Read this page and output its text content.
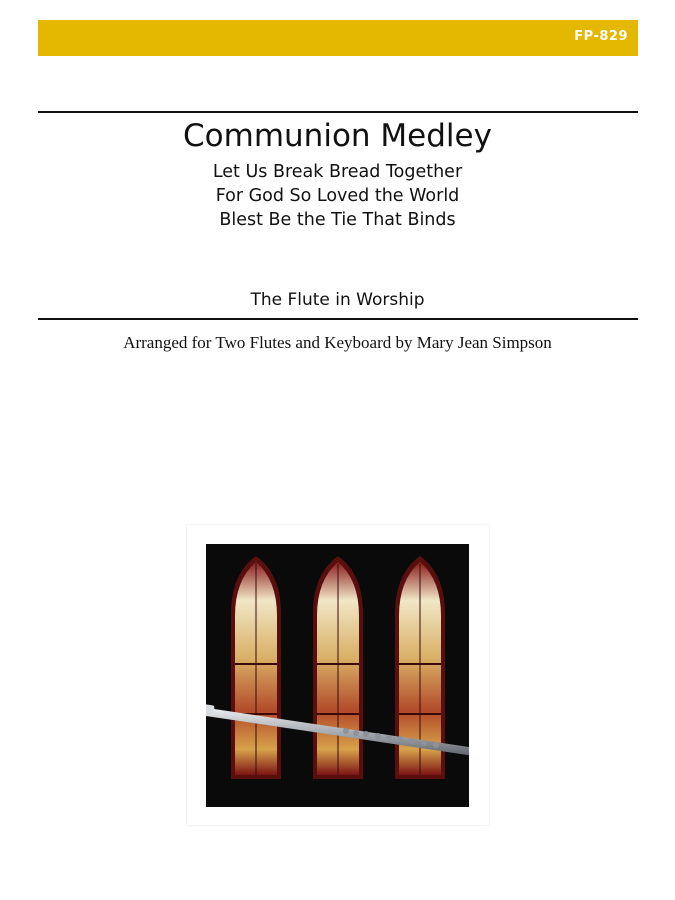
FP-829
Communion Medley
Let Us Break Bread Together
For God So Loved the World
Blest Be the Tie That Binds
The Flute in Worship
Arranged for Two Flutes and Keyboard by Mary Jean Simpson
